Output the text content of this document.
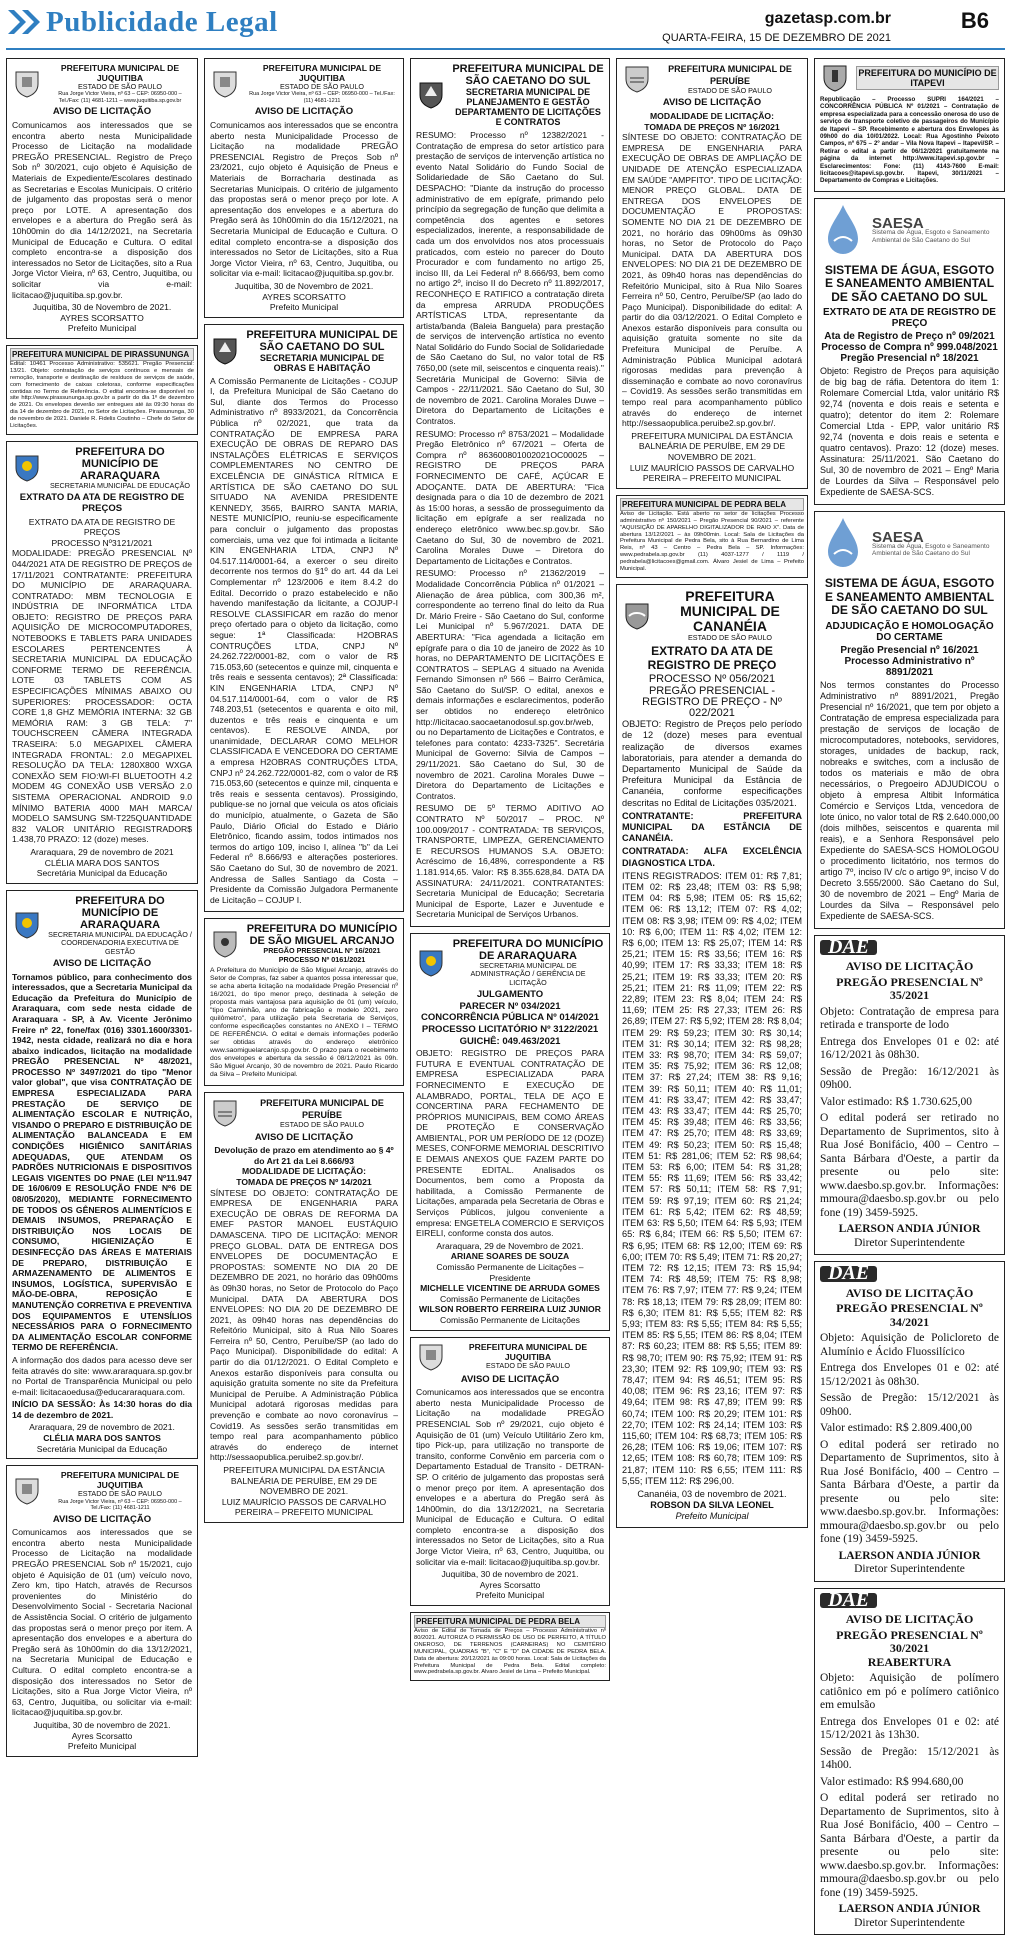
Publicidade Legal	gazetasp.com.br
QUARTA-FEIRA, 15 DE DEZEMBRO DE 2021
B6
PREFEITURA MUNICIPAL DE JUQUITIBA
ESTADO DE SÃO PAULO
Rua Jorge Victor Vieira, nº 63 – CEP: 06950-000 – Tel./Fax: (11) 4681-1211 – www.juquitiba.sp.gov.br
AVISO DE LICITAÇÃO

Comunicamos aos interessados que se encontra aberto nesta Municipalidade Processo de Licitação na modalidade PREGÃO PRESENCIAL. Registro de Preço Sob nº 30/2021, cujo objeto é Aquisição de Materiais de Expediente/Escolares destinado as Secretarias e Escolas Municipais. O critério de julgamento das propostas será o menor preço por LOTE. A apresentação dos envelopes e a abertura do Pregão será às 10h00min do dia 14/12/2021, na Secretaria Municipal de Educação e Cultura. O edital completo encontra-se a disposição dos interessados no Setor de Licitações, sito a Rua Jorge Victor Vieira, nº 63, Centro, Juquitiba, ou solicitar via e-mail: licitacao@juquitiba.sp.gov.br.

Juquitiba, 30 de Novembro de 2021.
AYRES SCORSATTO
Prefeito Municipal
PREFEITURA MUNICIPAL DE PIRASSUNUNGA

Edital: 10461 Processo Administrativo: 535621. Pregão Presencial: 13/21. Objeto: contratação de serviços contínuos e mensais de remoção, transporte e destinação de resíduos de serviços de saúde, com fornecimento de caixas coletoras, conforme especificações contidas no Termo de Referência. O edital encontra-se disponível no site http://www.pirassununga.sp.gov.br a partir do dia 1º de dezembro de 2021. Os envelopes deverão ser entregues até às 09:30 horas do dia 14 de dezembro de 2021, no Setor de Licitações. Pirassununga, 30 de novembro de 2021. Daniele R. Fidelis Coutinho – Chefe do Setor de Licitações.

PREFEITURA DO MUNICÍPIO DE ARARAQUARA
SECRETARIA MUNICIPAL DE EDUCAÇÃO
EXTRATO DA ATA DE REGISTRO DE PREÇOS
EXTRATO DA ATA DE REGISTRO DE PREÇOS
PROCESSO Nº3121/2021

MODALIDADE: PREGÃO PRESENCIAL Nº 044/2021 ATA DE REGISTRO DE PREÇOS de 17/11/2021 CONTRATANTE: PREFEITURA DO MUNICÍPIO DE ARARAQUARA. CONTRATADO: MBM TECNOLOGIA E INDÚSTRIA DE INFORMÁTICA LTDA OBJETO: REGISTRO DE PREÇOS PARA AQUISIÇÃO DE MICROCOMPUTADORES, NOTEBOOKS E TABLETS PARA UNIDADES ESCOLARES PERTENCENTES À SECRETARIA MUNICIPAL DA EDUCAÇÃO CONFORME TERMO DE REFERÊNCIA. LOTE 03 TABLETS COM AS ESPECIFICAÇÕES MÍNIMAS ABAIXO OU SUPERIORES: PROCESSADOR: OCTA CORE 1,8 GHZ MEMÓRIA INTERNA: 32 GB MEMÓRIA RAM: 3 GB TELA: 7" TOUCHSCREEN CÂMERA INTEGRADA TRASEIRA: 5.0 MEGAPIXEL CÂMERA INTEGRADA FRONTAL: 2.0 MEGAPIXEL RESOLUÇÃO DA TELA: 1280X800 WXGA CONEXÃO SEM FIO:WI-FI BLUETOOTH 4.2 MODEM 4G CONEXÃO USB VERSÃO 2.0 SISTEMA OPERACIONAL ANDROID 9.0 MÍNIMO BATERIA 4000 MAH MARCA/ MODELO SAMSUNG SM-T225QUANTIDADE 832 VALOR UNITÁRIO REGISTRADOR$ 1.438,70 PRAZO: 12 (doze) meses.

Araraquara, 29 de novembro de 2021
CLÉLIA MARA DOS SANTOS
Secretária Municipal da Educação
PREFEITURA DO MUNICÍPIO DE ARARAQUARA
SECRETARIA MUNICIPAL DA EDUCAÇÃO / COORDENADORIA EXECUTIVA DE GESTÃO
AVISO DE LICITAÇÃO

Tornamos público, para conhecimento dos interessados, que a Secretaria Municipal da Educação da Prefeitura do Município de Araraquara, com sede nesta cidade de Araraquara - SP, à Av. Vicente Jerônimo Freire nº 22, fone/fax (016) 3301.1600/3301-1942, nesta cidade, realizará no dia e hora abaixo indicados, licitação na modalidade PREGÃO PRESENCIAL Nº 48/2021, PROCESSO Nº 3497/2021 do tipo "Menor valor global", que visa CONTRATAÇÃO DE EMPRESA ESPECIALIZADA PARA PRESTAÇÃO DE SERVIÇO DE ALIMENTAÇÃO ESCOLAR E NUTRIÇÃO, VISANDO O PREPARO E DISTRIBUIÇÃO DE ALIMENTAÇÃO BALANCEADA E EM CONDIÇÕES HIGIÊNICO SANITÁRIAS ADEQUADAS, QUE ATENDAM OS PADRÕES NUTRICIONAIS E DISPOSITIVOS LEGAIS VIGENTES DO PNAE (LEI Nº11.947 DE 16/06/09 E RESOLUÇÃO FNDE Nº6 DE 08/05/2020), MEDIANTE FORNECIMENTO DE TODOS OS GÊNEROS ALIMENTÍCIOS E DEMAIS INSUMOS, PREPARAÇÃO E DISTRIBUIÇÃO NOS LOCAIS DE CONSUMO, HIGIENIZAÇÃO E DESINFECÇÃO DAS ÁREAS E MATERIAIS DE PREPARO, DISTRIBUIÇÃO E ARMAZENAMENTO DE ALIMENTOS E INSUMOS, LOGÍSTICA, SUPERVISÃO E MÃO-DE-OBRA, REPOSIÇÃO E MANUTENÇÃO CORRETIVA E PREVENTIVA DOS EQUIPAMENTOS E UTENSÍLIOS NECESSÁRIOS PARA O FORNECIMENTO DA ALIMENTAÇÃO ESCOLAR CONFORME TERMO DE REFERÊNCIA.

A informação dos dados para acesso deve ser feita através do site: www.araraquara.sp.gov.br no Portal de Transparência Municipal ou pelo e-mail: licitacaoedusa@educararaquara.com.

INÍCIO DA SESSÃO: Às 14:30 horas do dia 14 de dezembro de 2021.

Araraquara, 29 de novembro de 2021.
CLÉLIA MARA DOS SANTOS
Secretária Municipal da Educação
PREFEITURA MUNICIPAL DE JUQUITIBA
ESTADO DE SÃO PAULO
Rua Jorge Victor Vieira, nº 63 – CEP: 06950-000 – Tel./Fax: (11) 4681-1211
AVISO DE LICITAÇÃO

Comunicamos aos interessados que se encontra aberto nesta Municipalidade Processo de Licitação na modalidade PREGÃO PRESENCIAL Sob nº 15/2021, cujo objeto é Aquisição de 01 (um) veículo novo, Zero km, tipo Hatch, através de Recursos provenientes do Ministério do Desenvolvimento Social - Secretaria Nacional de Assistência Social. O critério de julgamento das propostas será o menor preço por item. A apresentação dos envelopes e a abertura do Pregão será às 10h00min do dia 13/12/2021, na Secretaria Municipal de Educação e Cultura. O edital completo encontra-se a disposição dos interessados no Setor de Licitações, sito a Rua Jorge Victor Vieira, nº 63, Centro, Juquitiba, ou solicitar via e-mail: licitacao@juquitiba.sp.gov.br.

Juquitiba, 30 de novembro de 2021.
Ayres Scorsatto
Prefeito Municipal
PREFEITURA MUNICIPAL DE JUQUITIBA
ESTADO DE SÃO PAULO
Rua Jorge Victor Vieira, nº 63 – CEP: 06950-000 – Tel./Fax: (11) 4681-1211
AVISO DE LICITAÇÃO

Comunicamos aos interessados que se encontra aberto nesta Municipalidade Processo de Licitação na modalidade PREGÃO PRESENCIAL Registro de Preços Sob nº 23/2021, cujo objeto é Aquisição de Pneus e Materiais de Borracharia destinada as Secretarias Municipais. O critério de julgamento das propostas será o menor preço por lote. A apresentação dos envelopes e a abertura do Pregão será às 10h00min do dia 15/12/2021, na Secretaria Municipal de Educação e Cultura. O edital completo encontra-se a disposição dos interessados no Setor de Licitações, sito a Rua Jorge Victor Vieira, nº 63, Centro, Juquitiba, ou solicitar via e-mail: licitacao@juquitiba.sp.gov.br.

Juquitiba, 30 de Novembro de 2021.
AYRES SCORSATTO
Prefeito Municipal
PREFEITURA MUNICIPAL DE SÃO CAETANO DO SUL
SECRETARIA MUNICIPAL DE OBRAS E HABITAÇÃO

A Comissão Permanente de Licitações - COJUP I, da Prefeitura Municipal de São Caetano do Sul, diante dos Termos do Processo Administrativo nº 8933/2021, da Concorrência Pública nº 02/2021, que trata da CONTRATAÇÃO DE EMPRESA PARA EXECUÇÃO DE OBRAS DE REPARO DAS INSTALAÇÕES ELÉTRICAS E SERVIÇOS COMPLEMENTARES NO CENTRO DE EXCELÊNCIA DE GINÁSTICA RÍTMICA E ARTÍSTICA DE SÃO CAETANO DO SUL SITUADO NA AVENIDA PRESIDENTE KENNEDY, 3565, BAIRRO SANTA MARIA, NESTE MUNICÍPIO, reuniu-se especificamente para concluir o julgamento das propostas comerciais, uma vez que foi intimada a licitante KIN ENGENHARIA LTDA, CNPJ Nº 04.517.114/0001-64, a exercer o seu direito decorrente nos termos do §1º do art. 44 da Lei Complementar nº 123/2006 e item 8.4.2 do Edital. Decorrido o prazo estabelecido e não havendo manifestação da licitante, a COJUP-I RESOLVE CLASSIFICAR em razão do menor preço ofertado para o objeto da licitação, como segue: 1ª Classificada: H2OBRAS CONTRUÇÕES LTDA, CNPJ Nº 24.262.722/0001-82, com o valor de R$ 715.053,60 (setecentos e quinze mil, cinquenta e três reais e sessenta centavos); 2ª Classificada: KIN ENGENHARIA LTDA, CNPJ Nº 04.517.114/0001-64, com o valor de R$ 748.203,51 (setecentos e quarenta e oito mil, duzentos e três reais e cinquenta e um centavos). E RESOLVE AINDA, por unanimidade, DECLARAR COMO MELHOR CLASSIFICADA E VENCEDORA DO CERTAME a empresa H2OBRAS CONTRUÇÕES LTDA, CNPJ nº 24.262.722/0001-82, com o valor de R$ 715.053,60 (setecentos e quinze mil, cinquenta e três reais e sessenta centavos). Prossigindo, publique-se no jornal que veicula os atos oficiais do município, atualmente, o Gazeta de São Paulo, Diário Oficial do Estado e Diário Eletrônico, ficando assim, todos intimados nos termos do artigo 109, inciso I, alínea "b" da Lei Federal nº 8.666/93 e alterações posteriores. São Caetano do Sul, 30 de novembro de 2021. Andressa de Salles Santiago da Costa – Presidente da Comissão Julgadora Permanente de Licitação – COJUP I.

PREFEITURA DO MUNICÍPIO DE SÃO MIGUEL ARCANJO
PREGÃO PRESENCIAL Nº 16/2021
PROCESSO Nº 0161/2021

A Prefeitura do Município de São Miguel Arcanjo, através do Setor de Compras, faz saber a quantos possa interessar que, se acha aberta licitação na modalidade Pregão Presencial nº 16/2021, do tipo menor preço, destinada à seleção de proposta mais vantajosa para aquisição de 01 (um) veículo, "tipo Caminhão, ano de fabricação e modelo 2021, zero quilômetro", para utilização pela Secretaria de Serviços, conforme especificações constantes no ANEXO I – TERMO DE REFERÊNCIA. O edital e demais informações poderão ser obtidas através do endereço eletrônico www.saomiguelarcanjo.sp.gov.br. O prazo para o recebimento dos envelopes e abertura da sessão é 08/12/2021 às 09h. São Miguel Arcanjo, 30 de novembro de 2021. Paulo Ricardo da Silva – Prefeito Municipal.

PREFEITURA MUNICIPAL DE PERUÍBE
ESTADO DE SÃO PAULO
AVISO DE LICITAÇÃO
Devolução de prazo em atendimento ao § 4º do Art 21 da Lei 8.666/93
MODALIDADE DE LICITAÇÃO:
TOMADA DE PREÇOS Nº 14/2021

SÍNTESE DO OBJETO: CONTRATAÇÃO DE EMPRESA DE ENGENHARIA PARA EXECUÇÃO DE OBRAS DE REFORMA DA EMEF PASTOR MANOEL EUSTÁQUIO DAMASCENA. TIPO DE LICITAÇÃO: MENOR PREÇO GLOBAL. DATA DE ENTREGA DOS ENVELOPES DE DOCUMENTAÇÃO E PROPOSTAS: SOMENTE NO DIA 20 DE DEZEMBRO DE 2021, no horário das 09h00ms às 09h30 horas, no Setor de Protocolo do Paço Municipal. DATA DA ABERTURA DOS ENVELOPES: NO DIA 20 DE DEZEMBRO DE 2021, às 09h40 horas nas dependências do Refeitório Municipal, sito à Rua Nilo Soares Ferreira nº 50, Centro, Peruíbe/SP (ao lado do Paço Municipal). Disponibilidade do edital: A partir do dia 01/12/2021. O Edital Completo e Anexos estarão disponíveis para consulta ou aquisição gratuita somente no site da Prefeitura Municipal de Peruíbe. A Administração Pública Municipal adotará rigorosas medidas para prevenção e combate ao novo coronavírus – Covid19. As sessões serão transmitidas em tempo real para acompanhamento público através do endereço de internet http://sessaopublica.peruibe2.sp.gov.br/.

PREFEITURA MUNICIPAL DA ESTÂNCIA BALNEÁRIA DE PERUÍBE, EM 29 DE NOVEMBRO DE 2021.
LUIZ MAURÍCIO PASSOS DE CARVALHO PEREIRA – PREFEITO MUNICIPAL
PREFEITURA MUNICIPAL DE SÃO CAETANO DO SUL
SECRETARIA MUNICIPAL DE PLANEJAMENTO E GESTÃO
DEPARTAMENTO DE LICITAÇÕES E CONTRATOS

RESUMO: Processo nº 12382/2021 - Contratação de empresa do setor artístico para prestação de serviços de intervenção artística no evento Natal Solidário do Fundo Social de Solidariedade de São Caetano do Sul. DESPACHO: "Diante da instrução do processo administrativo de em epígrafe, primando pelo princípio da segregação de função que delimita a competência dos agentes e setores especializados, inerente, a responsabilidade de cada um dos envolvidos nos atos processuais praticados, com esteio no parecer do Douto Procurador e com fundamento no artigo 25, inciso III, da Lei Federal nº 8.666/93, bem como no artigo 2º, inciso II do Decreto nº 11.892/2017, RECONHEÇO E RATIFICO a contratação direta da empresa ARRUDA PRODUÇÕES ARTÍSTICAS LTDA, representante da artista/banda (Baleia Banguela) para prestação de serviços de intervenção artística no evento Natal Solidário do Fundo Social de Solidariedade de São Caetano do Sul, no valor total de R$ 7650,00 (sete mil, seiscentos e cinquenta reais)." Secretária Municipal de Governo: Silvia de Campos - 22/11/2021. São Caetano do Sul, 30 de novembro de 2021. Carolina Morales Duwe – Diretora do Departamento de Licitações e Contratos.

RESUMO: Processo nº 8753/2021 – Modalidade Pregão Eletrônico nº 67/2021 – Oferta de Compra nº 863600801002021OC00025 – REGISTRO DE PREÇOS PARA FORNECIMENTO DE CAFÉ, AÇÚCAR E ADOÇANTE. DATA DE ABERTURA: "Fica designada para o dia 10 de dezembro de 2021 às 15:00 horas, a sessão de prosseguimento da licitação em epígrafe a ser realizada no endereço eletrônico www.bec.sp.gov.br. São Caetano do Sul, 30 de novembro de 2021. Carolina Morales Duwe – Diretora do Departamento de Licitações e Contratos.

RESUMO: Processo nº 21362/2019 – Modalidade Concorrência Pública nº 01/2021 – Alienação de área pública, com 300,36 m², correspondente ao terreno final do leito da Rua Dr. Mário Freire - São Caetano do Sul, conforme Lei Municipal nº 5.967/2021. DATA DE ABERTURA: "Fica agendada a licitação em epígrafe para o dia 10 de janeiro de 2022 às 10 horas, no DEPARTAMENTO DE LICITAÇÕES E CONTRATOS – SEPLAG 4 situado na Avenida Fernando Simonsen nº 566 – Bairro Cerâmica, São Caetano do Sul/SP. O edital, anexos e demais informações e esclarecimentos, poderão ser obtidos no endereço eletrônico http://licitacao.saocaetanodosul.sp.gov.br/web, ou no Departamento de Licitações e Contratos, e telefones para contato: 4233-7325". Secretária Municipal de Governo: Silvia de Campos – 29/11/2021. São Caetano do Sul, 30 de novembro de 2021. Carolina Morales Duwe – Diretora do Departamento de Licitações e Contratos.

RESUMO DE 5º TERMO ADITIVO AO CONTRATO Nº 50/2017 – PROC. Nº 100.009/2017 - CONTRATADA: TB SERVIÇOS, TRANSPORTE, LIMPEZA, GERENCIAMENTO E RECURSOS HUMANOS S.A. OBJETO: Acréscimo de 16,48%, correspondente a R$ 1.181.914,65. Valor: R$ 8.355.628,84. DATA DA ASSINATURA: 24/11/2021. CONTRATANTES: Secretaria Municipal de Educação; Secretaria Municipal de Esporte, Lazer e Juventude e Secretaria Municipal de Serviços Urbanos.

PREFEITURA DO MUNICÍPIO DE ARARAQUARA
SECRETARIA MUNICIPAL DE ADMINISTRAÇÃO / GERÊNCIA DE LICITAÇÃO
JULGAMENTO
PARECER Nº 034/2021
CONCORRÊNCIA PÚBLICA Nº 014/2021
PROCESSO LICITATÓRIO Nº 3122/2021
GUICHÊ: 049.463/2021

OBJETO: REGISTRO DE PREÇOS PARA FUTURA E EVENTUAL CONTRATAÇÃO DE EMPRESA ESPECIALIZADA PARA FORNECIMENTO E EXECUÇÃO DE ALAMBRADO, PORTAL, TELA DE AÇO E CONCERTINA PARA FECHAMENTO DE PRÓPRIOS MUNICIPAIS, BEM COMO ÁREAS DE PROTEÇÃO E CONSERVAÇÃO AMBIENTAL, POR UM PERÍODO DE 12 (DOZE) MESES, CONFORME MEMORIAL DESCRITIVO E DEMAIS ANEXOS QUE FAZEM PARTE DO PRESENTE EDITAL. Analisados os Documentos, bem como a Proposta da habilitada, a Comissão Permanente de Licitações, amparada pela Secretaria de Obras e Serviços Públicos, julgou conveniente a empresa: ENGETELA COMERCIO E SERVIÇOS EIRELI, conforme consta dos autos.

Araraquara, 29 de Novembro de 2021.
ARIANE SOARES DE SOUZA
Comissão Permanente de Licitações – Presidente
MICHELLE VICENTINE DE ARRUDA GOMES
Comissão Permanente de Licitações
WILSON ROBERTO FERREIRA LUIZ JUNIOR
Comissão Permanente de Licitações
PREFEITURA MUNICIPAL DE JUQUITIBA
ESTADO DE SÃO PAULO
AVISO DE LICITAÇÃO

Comunicamos aos interessados que se encontra aberto nesta Municipalidade Processo de Licitação na modalidade PREGÃO PRESENCIAL Sob nº 29/2021, cujo objeto é Aquisição de 01 (um) Veículo Utilitário Zero km, tipo Pick-up, para utilização no transporte de transito, conforme Convênio em parceria com o Departamento Estadual de Transito - DETRAN-SP. O critério de julgamento das propostas será o menor preço por item. A apresentação dos envelopes e a abertura do Pregão será às 14h00min, do dia 13/12/2021, na Secretaria Municipal de Educação e Cultura. O edital completo encontra-se a disposição dos interessados no Setor de Licitações, sito a Rua Jorge Victor Vieira, nº 63, Centro, Juquitiba, ou solicitar via e-mail: licitacao@juquitiba.sp.gov.br.

Juquitiba, 30 de novembro de 2021.
Ayres Scorsatto
Prefeito Municipal
PREFEITURA MUNICIPAL DE PEDRA BELA

Aviso de Edital de Tomada de Preços – Processo Administrativo nº 80/2021. AUTORIZA O PERMISSÃO DE USO DE PERFEITO, A TÍTULO ONEROSO, DE TERRENOS (CARNEIRAS) NO CEMITÉRIO MUNICIPAL, QUADRAS "B", "C" E "D" DA CIDADE DE PEDRA BELA. Data de abertura: 20/12/2021 às 09:00 horas. Local: Sala de Licitações da Prefeitura Municipal de Pedra Bela. Edital completo: www.pedrabela.sp.gov.br. Alvaro Jesiel de Lima – Prefeito Municipal.

PREFEITURA MUNICIPAL DE PERUÍBE
ESTADO DE SÃO PAULO
AVISO DE LICITAÇÃO
MODALIDADE DE LICITAÇÃO:
TOMADA DE PREÇOS Nº 16/2021

SÍNTESE DO OBJETO: CONTRATAÇÃO DE EMPRESA DE ENGENHARIA PARA EXECUÇÃO DE OBRAS DE AMPLIAÇÃO DE UNIDADE DE ATENÇÃO ESPECIALIZADA EM SAÚDE "AMPFITO". TIPO DE LICITAÇÃO: MENOR PREÇO GLOBAL. DATA DE ENTREGA DOS ENVELOPES DE DOCUMENTAÇÃO E PROPOSTAS: SOMENTE NO DIA 21 DE DEZEMBRO DE 2021, no horário das 09h00ms às 09h30 horas, no Setor de Protocolo do Paço Municipal. DATA DA ABERTURA DOS ENVELOPES: NO DIA 21 DE DEZEMBRO DE 2021, às 09h40 horas nas dependências do Refeitório Municipal, sito à Rua Nilo Soares Ferreira nº 50, Centro, Peruíbe/SP (ao lado do Paço Municipal). Disponibilidade do edital: A partir do dia 03/12/2021. O Edital Completo e Anexos estarão disponíveis para consulta ou aquisição gratuita somente no site da Prefeitura Municipal de Peruíbe. A Administração Pública Municipal adotará rigorosas medidas para prevenção à disseminação e combate ao novo coronavírus – Covid19. As sessões serão transmitidas em tempo real para acompanhamento público através do endereço de internet http://sessaopublica.peruibe2.sp.gov.br/.

PREFEITURA MUNICIPAL DA ESTÂNCIA BALNEÁRIA DE PERUÍBE, EM 29 DE NOVEMBRO DE 2021.
LUIZ MAURÍCIO PASSOS DE CARVALHO PEREIRA – PREFEITO MUNICIPAL
PREFEITURA MUNICIPAL DE PEDRA BELA

Aviso de Licitação. Está aberto no setor de licitações Processo administrativo nº 150/2021 – Pregão Presencial 90/2021 – referente "AQUISIÇÃO DE APARELHO DIGITALIZADOR DE RAIO X". Data de abertura 13/12/2021 – às 09h00min. Local: Sala de Licitações da Prefeitura Municipal de Pedra Bela, sito à Rua Bernardino de Lima Reis, nº 43 – Centro – Pedra Bela – SP. Informações: www.pedrabela.sp.gov.br (11) 4037-1277 / 1119 / pedrabela@licitacoes@gmail.com. Álvaro Jesiel de Lima – Prefeito Municipal.

PREFEITURA MUNICIPAL DE CANANÉIA
ESTADO DE SÃO PAULO
EXTRATO DA ATA DE REGISTRO DE PREÇO
PROCESSO Nº 056/2021
PREGÃO PRESENCIAL - REGISTRO DE PREÇO - Nº 022/2021

OBJETO: Registro de Preços pelo período de 12 (doze) meses para eventual realização de diversos exames laboratoriais, para atender a demanda do Departamento Municipal de Saúde da Prefeitura Municipal da Estância de Cananéia, conforme especificações descritas no Edital de Licitações 035/2021.

CONTRATANTE: PREFEITURA MUNICIPAL DA ESTÂNCIA DE CANANÉIA.

CONTRATADA: ALFA EXCELÊNCIA DIAGNOSTICA LTDA.

ITENS REGISTRADOS: ITEM 01: R$ 7,81; ITEM 02: R$ 23,48; ITEM 03: R$ 5,98; ITEM 04: R$ 5,98; ITEM 05: R$ 15,62; ITEM 06: R$ 13,12; ITEM 07: R$ 4,02; ITEM 08: R$ 3,98; ITEM 09: R$ 4,02; ITEM 10: R$ 6,00; ITEM 11: R$ 4,02; ITEM 12: R$ 6,00; ITEM 13: R$ 25,07; ITEM 14: R$ 25,21; ITEM 15: R$ 33,56; ITEM 16: R$ 40,99; ITEM 17: R$ 33,33; ITEM 18: R$ 25,21; ITEM 19: R$ 33,33; ITEM 20: R$ 25,21; ITEM 21: R$ 11,09; ITEM 22: R$ 22,89; ITEM 23: R$ 8,04; ITEM 24: R$ 11,69; ITEM 25: R$ 27,33; ITEM 26: R$ 26,89; ITEM 27: R$ 5,92; ITEM 28: R$ 8,04; ITEM 29: R$ 59,23; ITEM 30: R$ 30,14; ITEM 31: R$ 30,14; ITEM 32: R$ 98,28; ITEM 33: R$ 98,70; ITEM 34: R$ 59,07; ITEM 35: R$ 75,92; ITEM 36: R$ 12,08; ITEM 37: R$ 27,24; ITEM 38: R$ 9,16; ITEM 39: R$ 50,11; ITEM 40: R$ 11,01; ITEM 41: R$ 33,47; ITEM 42: R$ 33,47; ITEM 43: R$ 33,47; ITEM 44: R$ 25,70; ITEM 45: R$ 39,48; ITEM 46: R$ 33,56; ITEM 47: R$ 25,70; ITEM 48: R$ 33,69; ITEM 49: R$ 50,23; ITEM 50: R$ 15,48; ITEM 51: R$ 281,06; ITEM 52: R$ 98,64; ITEM 53: R$ 6,00; ITEM 54: R$ 31,28; ITEM 55: R$ 11,69; ITEM 56: R$ 33,42; ITEM 57: R$ 50,11; ITEM 58: R$ 7,91; ITEM 59: R$ 97,19; ITEM 60: R$ 21,24; ITEM 61: R$ 5,42; ITEM 62: R$ 48,59; ITEM 63: R$ 5,50; ITEM 64: R$ 5,93; ITEM 65: R$ 6,84; ITEM 66: R$ 5,50; ITEM 67: R$ 6,95; ITEM 68: R$ 12,00; ITEM 69: R$ 6,00; ITEM 70: R$ 5,49; ITEM 71: R$ 20,27; ITEM 72: R$ 12,15; ITEM 73: R$ 15,94; ITEM 74: R$ 48,59; ITEM 75: R$ 8,98; ITEM 76: R$ 7,97; ITEM 77: R$ 9,24; ITEM 78: R$ 18,13; ITEM 79: R$ 28,09; ITEM 80: R$ 6,30; ITEM 81: R$ 5,55; ITEM 82: R$ 5,93; ITEM 83: R$ 5,55; ITEM 84: R$ 5,55; ITEM 85: R$ 5,55; ITEM 86: R$ 8,04; ITEM 87: R$ 60,23; ITEM 88: R$ 5,55; ITEM 89: R$ 98,70; ITEM 90: R$ 75,92; ITEM 91: R$ 23,30; ITEM 92: R$ 109,90; ITEM 93: R$ 78,47; ITEM 94: R$ 46,51; ITEM 95: R$ 40,08; ITEM 96: R$ 23,16; ITEM 97: R$ 49,64; ITEM 98: R$ 47,89; ITEM 99: R$ 60,74; ITEM 100: R$ 20,29; ITEM 101: R$ 22,70; ITEM 102: R$ 24,14; ITEM 103: R$ 115,60; ITEM 104: R$ 68,73; ITEM 105: R$ 26,28; ITEM 106: R$ 19,06; ITEM 107: R$ 12,65; ITEM 108: R$ 60,78; ITEM 109: R$ 21,87; ITEM 110: R$ 6,55; ITEM 111: R$ 5,55; ITEM 112: R$ 296,00.

Cananéia, 03 de novembro de 2021.
ROBSON DA SILVA LEONEL
Prefeito Municipal
PREFEITURA DO MUNICÍPIO DE ITAPEVI

Republicação – Processo SUPRI 164/2021 – CONCORRÊNCIA PÚBLICA Nº 01/2021 – Contratação de empresa especializada para a concessão onerosa do uso de serviço de transporte coletivo de passageiros do Município de Itapevi – SP. Recebimento e abertura dos Envelopes às 09h00 do dia 10/01/2022. Local: Rua Agostinho Peixoto Campos, nº 675 – 2º andar – Vila Nova Itapevi – Itapevi/SP. – Retirar o edital a partir de 06/12/2021 gratuitamente na página da internet http://www.itapevi.sp.gov.br – Esclarecimentos: Fone: (11) 4143-7600 E-mail: licitacoes@itapevi.sp.gov.br. Itapevi, 30/11/2021 – Departamento de Compras e Licitações.

SAESA
Sistema de Água, Esgoto e Saneamento Ambiental de São Caetano do Sul
SISTEMA DE ÁGUA, ESGOTO E SANEAMENTO AMBIENTAL DE SÃO CAETANO DO SUL
EXTRATO DE ATA DE REGISTRO DE PREÇO
Ata de Registro de Preço nº 09/2021
Processo de Compra nº 999.048/2021
Pregão Presencial nº 18/2021

Objeto: Registro de Preços para aquisição de big bag de ráfia. Detentora do item 1: Rolemare Comercial Ltda, valor unitário R$ 92,74 (noventa e dois reais e setenta e quatro); detentor do item 2: Rolemare Comercial Ltda - EPP, valor unitário R$ 92,74 (noventa e dois reais e setenta e quatro centavos). Prazo: 12 (doze) meses. Assinatura: 25/11/2021. São Caetano do Sul, 30 de novembro de 2021 – Engº Maria de Lourdes da Silva – Responsável pelo Expediente de SAESA-SCS.

SAESA
Sistema de Água, Esgoto e Saneamento Ambiental de São Caetano do Sul
SISTEMA DE ÁGUA, ESGOTO E SANEAMENTO AMBIENTAL DE SÃO CAETANO DO SUL
ADJUDICAÇÃO E HOMOLOGAÇÃO DO CERTAME
Pregão Presencial nº 16/2021
Processo Administrativo nº 8891/2021

Nos termos constantes do Processo Administrativo nº 8891/2021, Pregão Presencial nº 16/2021, que tem por objeto a Contratação de empresa especializada para prestação de serviços de locação de microcomputadores, notebooks, servidores, storages, unidades de backup, rack, nobreaks e switches, com a inclusão de todos os materiais e mão de obra necessários, o Pregoeiro ADJUDICOU o objeto à empresa Altibit Informática Comércio e Serviços Ltda, vencedora de lote único, no valor total de R$ 2.640.000,00 (dois milhões, seiscentos e quarenta mil reais), e a Senhora Responsável pelo Expediente do SAESA-SCS HOMOLOGOU o procedimento licitatório, nos termos do artigo 7º, inciso IV c/c o artigo 9º, inciso V do Decreto 3.555/2000. São Caetano do Sul, 30 de novembro de 2021 – Engº Maria de Lourdes da Silva – Responsável pelo Expediente de SAESA-SCS.

DAE
AVISO DE LICITAÇÃO
PREGÃO PRESENCIAL Nº 35/2021

Objeto: Contratação de empresa para retirada e transporte de lodo

Entrega dos Envelopes 01 e 02: até 16/12/2021 às 08h30.

Sessão de Pregão: 16/12/2021 às 09h00.

Valor estimado: R$ 1.730.625,00

O edital poderá ser retirado no Departamento de Suprimentos, sito à Rua José Bonifácio, 400 – Centro – Santa Bárbara d'Oeste, a partir da presente ou pelo site: www.daesbo.sp.gov.br. Informações: mmoura@daesbo.sp.gov.br ou pelo fone (19) 3459-5925.

LAERSON ANDIA JÚNIOR
Diretor Superintendente
DAE
AVISO DE LICITAÇÃO
PREGÃO PRESENCIAL Nº 34/2021

Objeto: Aquisição de Policloreto de Alumínio e Ácido Fluossilícico

Entrega dos Envelopes 01 e 02: até 15/12/2021 às 08h30.

Sessão de Pregão: 15/12/2021 às 09h00.

Valor estimado: R$ 2.809.400,00

O edital poderá ser retirado no Departamento de Suprimentos, sito à Rua José Bonifácio, 400 – Centro – Santa Bárbara d'Oeste, a partir da presente ou pelo site: www.daesbo.sp.gov.br. Informações: mmoura@daesbo.sp.gov.br ou pelo fone (19) 3459-5925.

LAERSON ANDIA JÚNIOR
Diretor Superintendente
DAE
AVISO DE LICITAÇÃO
PREGÃO PRESENCIAL Nº 30/2021
REABERTURA

Objeto: Aquisição de polímero catiônico em pó e polímero catiônico em emulsão

Entrega dos Envelopes 01 e 02: até 15/12/2021 às 13h30.

Sessão de Pregão: 15/12/2021 às 14h00.

Valor estimado: R$ 994.680,00

O edital poderá ser retirado no Departamento de Suprimentos, sito à Rua José Bonifácio, 400 – Centro – Santa Bárbara d'Oeste, a partir da presente ou pelo site: www.daesbo.sp.gov.br. Informações: mmoura@daesbo.sp.gov.br ou pelo fone (19) 3459-5925.

LAERSON ANDIA JÚNIOR
Diretor Superintendente
